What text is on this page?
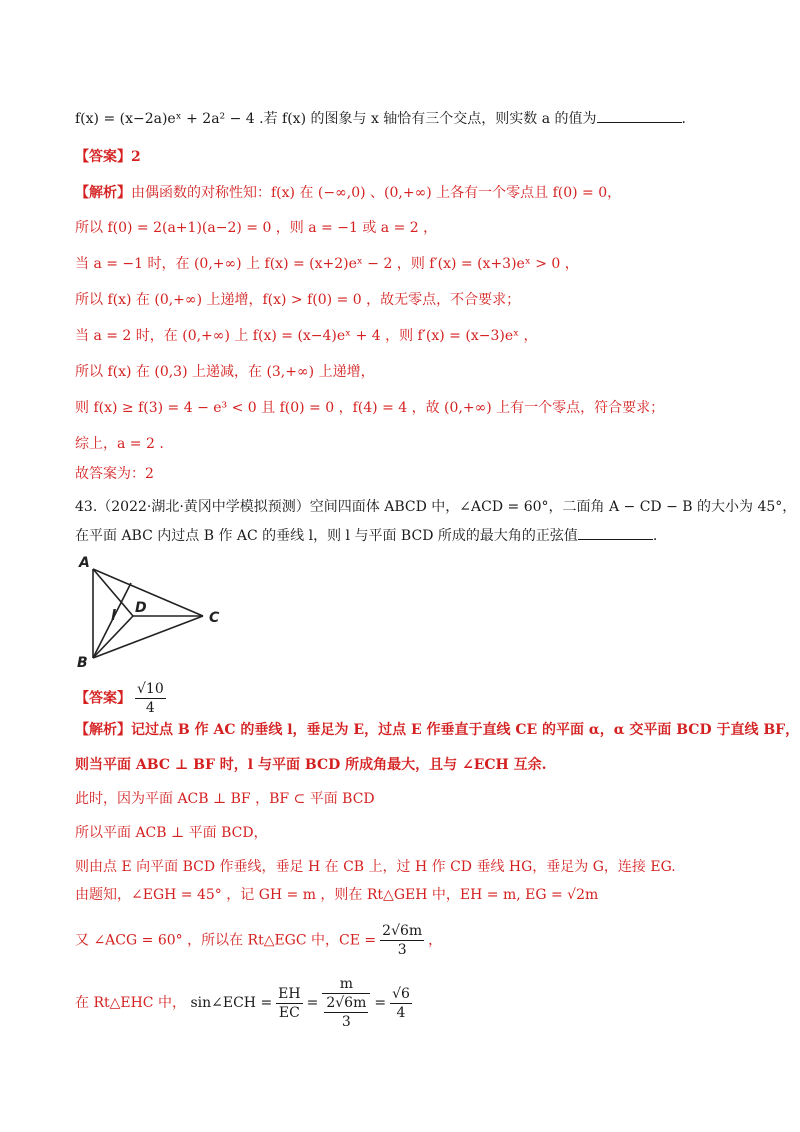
f(x) = (x−2a)eˣ + 2a² − 4 .若 f(x) 的图象与 x 轴恰有三个交点，则实数 a 的值为	.
【答案】2
【解析】由偶函数的对称性知：f(x) 在 (−∞,0) 、(0,+∞) 上各有一个零点且 f(0) = 0，
所以 f(0) = 2(a+1)(a−2) = 0 ，则 a = −1 或 a = 2 ，
当 a = −1 时，在 (0,+∞) 上 f(x) = (x+2)eˣ − 2 ，则 f′(x) = (x+3)eˣ > 0 ，
所以 f(x) 在 (0,+∞) 上递增，f(x) > f(0) = 0 ，故无零点，不合要求；
当 a = 2 时，在 (0,+∞) 上 f(x) = (x−4)eˣ + 4 ，则 f′(x) = (x−3)eˣ ，
所以 f(x) 在 (0,3) 上递减，在 (3,+∞) 上递增，
则 f(x) ≥ f(3) = 4 − e³ < 0 且 f(0) = 0 ，f(4) = 4 ，故 (0,+∞) 上有一个零点，符合要求；
综上，a = 2 .
故答案为：2
43.（2022·湖北·黄冈中学模拟预测）空间四面体 ABCD 中，∠ACD = 60°，二面角 A − CD − B 的大小为 45°，
在平面 ABC 内过点 B 作 AC 的垂线 l，则 l 与平面 BCD 所成的最大角的正弦值	.
A
B
C
D
l
【答案】 $\frac{√10}{4}$
【解析】记过点 B 作 AC 的垂线 l，垂足为 E，过点 E 作垂直于直线 CE 的平面 α，α 交平面 BCD 于直线 BF，
则当平面 ABC ⊥ BF 时，l 与平面 BCD 所成角最大，且与 ∠ECH 互余.
此时，因为平面 ACB ⊥ BF ，BF ⊂ 平面 BCD
所以平面 ACB ⊥ 平面 BCD，
则由点 E 向平面 BCD 作垂线，垂足 H 在 CB 上，过 H 作 CD 垂线 HG，垂足为 G，连接 EG.
由题知，∠EGH = 45° ，记 GH = m ，则在 Rt△GEH 中，EH = m, EG = √2m
又 ∠ACG = 60° ，所以在 Rt△EGC 中，CE = $\frac{2√6m}{3}$ ，
在 Rt△EHC 中， sin∠ECH = $\frac{EH}{EC} = \frac{m}{\frac{2√6m}{3}} = \frac{√6}{4}$
